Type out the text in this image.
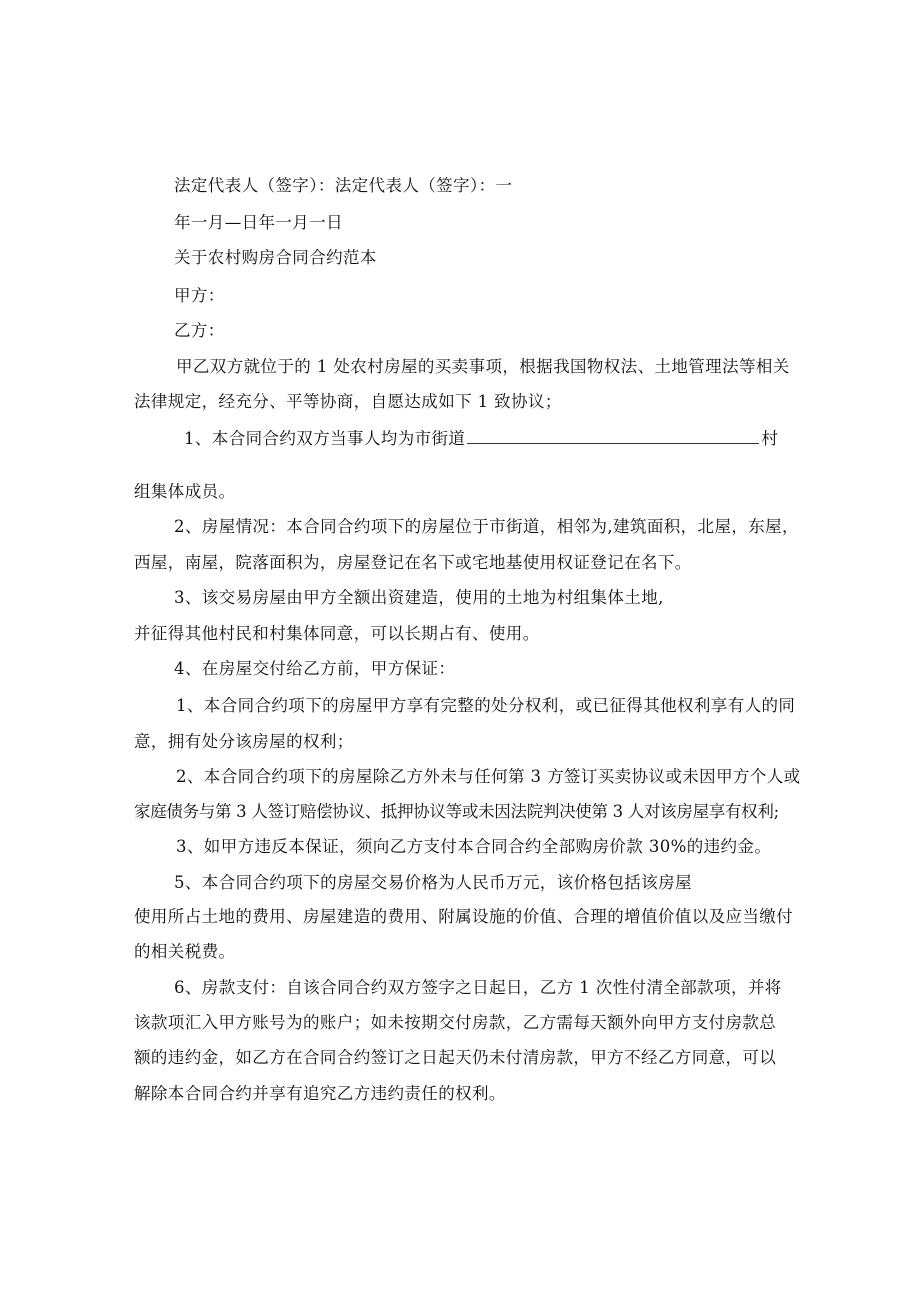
法定代表人（签字）：法定代表人（签字）：一
年一月—日年一月一日
关于农村购房合同合约范本
甲方：
乙方：
甲乙双方就位于的 1 处农村房屋的买卖事项，根据我国物权法、土地管理法等相关
法律规定，经充分、平等协商，自愿达成如下 1 致协议；
1、本合同合约双方当事人均为市街道	村
组集体成员。
2、房屋情况：本合同合约项下的房屋位于市街道，相邻为,建筑面积，北屋，东屋，
西屋，南屋，院落面积为，房屋登记在名下或宅地基使用权证登记在名下。
3、该交易房屋由甲方全额出资建造，使用的土地为村组集体土地,
并征得其他村民和村集体同意，可以长期占有、使用。
4、在房屋交付给乙方前，甲方保证：
1、本合同合约项下的房屋甲方享有完整的处分权利，或已征得其他权利享有人的同
意，拥有处分该房屋的权利；
2、本合同合约项下的房屋除乙方外未与任何第 3 方签订买卖协议或未因甲方个人或
家庭债务与第 3 人签订赔偿协议、抵押协议等或未因法院判决使第 3 人对该房屋享有权利;
3、如甲方违反本保证，须向乙方支付本合同合约全部购房价款 30%的违约金。
5、本合同合约项下的房屋交易价格为人民币万元，该价格包括该房屋
使用所占土地的费用、房屋建造的费用、附属设施的价值、合理的增值价值以及应当缴付
的相关税费。
6、房款支付：自该合同合约双方签字之日起日，乙方 1 次性付清全部款项，并将
该款项汇入甲方账号为的账户；如未按期交付房款，乙方需每天额外向甲方支付房款总
额的违约金，如乙方在合同合约签订之日起天仍未付清房款，甲方不经乙方同意，可以
解除本合同合约并享有追究乙方违约责任的权利。
